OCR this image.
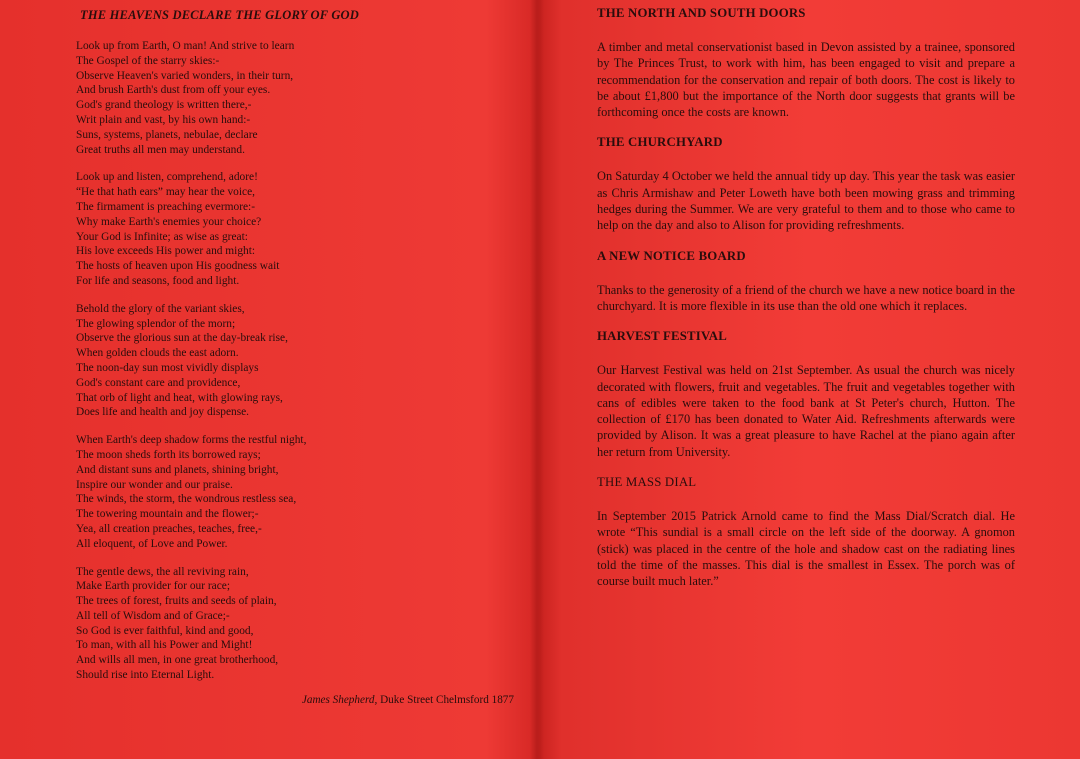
THE HEAVENS DECLARE THE GLORY OF GOD
Look up from Earth, O man! And strive to learn
The Gospel of the starry skies:-
Observe Heaven's varied wonders, in their turn,
And brush Earth's dust from off your eyes.
God's grand theology is written there,-
Writ plain and vast, by his own hand:-
Suns, systems, planets, nebulae, declare
Great truths all men may understand.
Look up and listen, comprehend, adore!
“He that hath ears” may hear the voice,
The firmament is preaching evermore:-
Why make Earth's enemies your choice?
Your God is Infinite; as wise as great:
His love exceeds His power and might:
The hosts of heaven upon His goodness wait
For life and seasons, food and light.
Behold the glory of the variant skies,
The glowing splendor of the morn;
Observe the glorious sun at the day-break rise,
When golden clouds the east adorn.
The noon-day sun most vividly displays
God's constant care and providence,
That orb of light and heat, with glowing rays,
Does life and health and joy dispense.
When Earth's deep shadow forms the restful night,
The moon sheds forth its borrowed rays;
And distant suns and planets, shining bright,
Inspire our wonder and our praise.
The winds, the storm, the wondrous restless sea,
The towering mountain and the flower;-
Yea, all creation preaches, teaches, free,-
All eloquent, of Love and Power.
The gentle dews, the all reviving rain,
Make Earth provider for our race;
The trees of forest, fruits and seeds of plain,
All tell of Wisdom and of Grace;-
So God is ever faithful, kind and good,
To man, with all his Power and Might!
And wills all men, in one great brotherhood,
Should rise into Eternal Light.
James Shepherd, Duke Street Chelmsford 1877
THE NORTH AND SOUTH DOORS
A timber and metal conservationist based in Devon assisted by a trainee, sponsored by The Princes Trust, to work with him, has been engaged to visit and prepare a recommendation for the conservation and repair of both doors. The cost is likely to be about £1,800 but the importance of the North door suggests that grants will be forthcoming once the costs are known.
THE CHURCHYARD
On Saturday 4 October we held the annual tidy up day. This year the task was easier as Chris Armishaw and Peter Loweth have both been mowing grass and trimming hedges during the Summer. We are very grateful to them and to those who came to help on the day and also to Alison for providing refreshments.
A NEW NOTICE BOARD
Thanks to the generosity of a friend of the church we have a new notice board in the churchyard. It is more flexible in its use than the old one which it replaces.
HARVEST FESTIVAL
Our Harvest Festival was held on 21st September. As usual the church was nicely decorated with flowers, fruit and vegetables. The fruit and vegetables together with cans of edibles were taken to the food bank at St Peter's church, Hutton. The collection of £170 has been donated to Water Aid. Refreshments afterwards were provided by Alison. It was a great pleasure to have Rachel at the piano again after her return from University.
THE MASS DIAL
In September 2015 Patrick Arnold came to find the Mass Dial/Scratch dial. He wrote “This sundial is a small circle on the left side of the doorway. A gnomon (stick) was placed in the centre of the hole and shadow cast on the radiating lines told the time of the masses. This dial is the smallest in Essex. The porch was of course built much later.”
